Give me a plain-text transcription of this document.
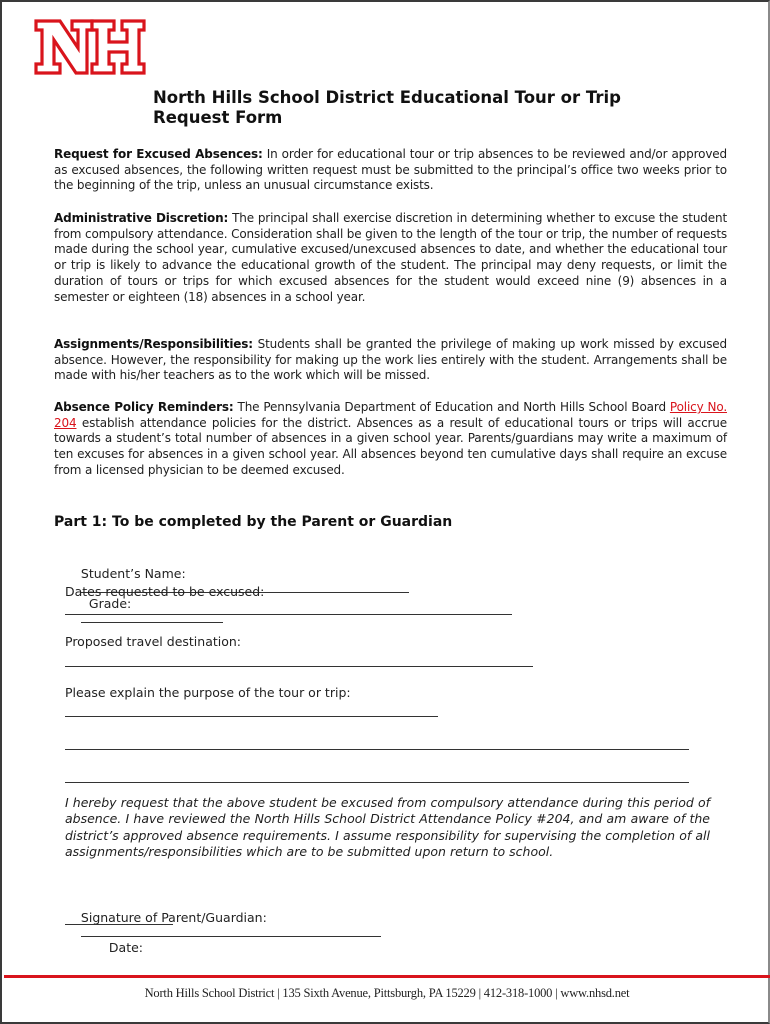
North Hills School District Educational Tour or Trip
Request Form
Request for Excused Absences: In order for educational tour or trip absences to be reviewed and/or approved as excused absences, the following written request must be submitted to the principal’s office two weeks prior to the beginning of the trip, unless an unusual circumstance exists.
Administrative Discretion: The principal shall exercise discretion in determining whether to excuse the student from compulsory attendance. Consideration shall be given to the length of the tour or trip, the number of requests made during the school year, cumulative excused/unexcused absences to date, and whether the educational tour or trip is likely to advance the educational growth of the student. The principal may deny requests, or limit the duration of tours or trips for which excused absences for the student would exceed nine (9) absences in a semester or eighteen (18) absences in a school year.
Assignments/Responsibilities: Students shall be granted the privilege of making up work missed by excused absence. However, the responsibility for making up the work lies entirely with the student. Arrangements shall be made with his/her teachers as to the work which will be missed.
Absence Policy Reminders: The Pennsylvania Department of Education and North Hills School Board Policy No. 204 establish attendance policies for the district. Absences as a result of educational tours or trips will accrue towards a student’s total number of absences in a given school year. Parents/guardians may write a maximum of ten excuses for absences in a given school year. All absences beyond ten cumulative days shall require an excuse from a licensed physician to be deemed excused.
Part 1: To be completed by the Parent or Guardian

Student’s Name:

Grade:

Dates requested to be excused:
Proposed travel destination:
Please explain the purpose of the tour or trip:
I hereby request that the above student be excused from compulsory attendance during this period of absence. I have reviewed the North Hills School District Attendance Policy #204, and am aware of the district’s approved absence requirements. I assume responsibility for supervising the completion of all assignments/responsibilities which are to be submitted upon return to school.

Signature of Parent/Guardian:

Date:

North Hills School District | 135 Sixth Avenue, Pittsburgh, PA 15229 | 412-318-1000 | www.nhsd.net
